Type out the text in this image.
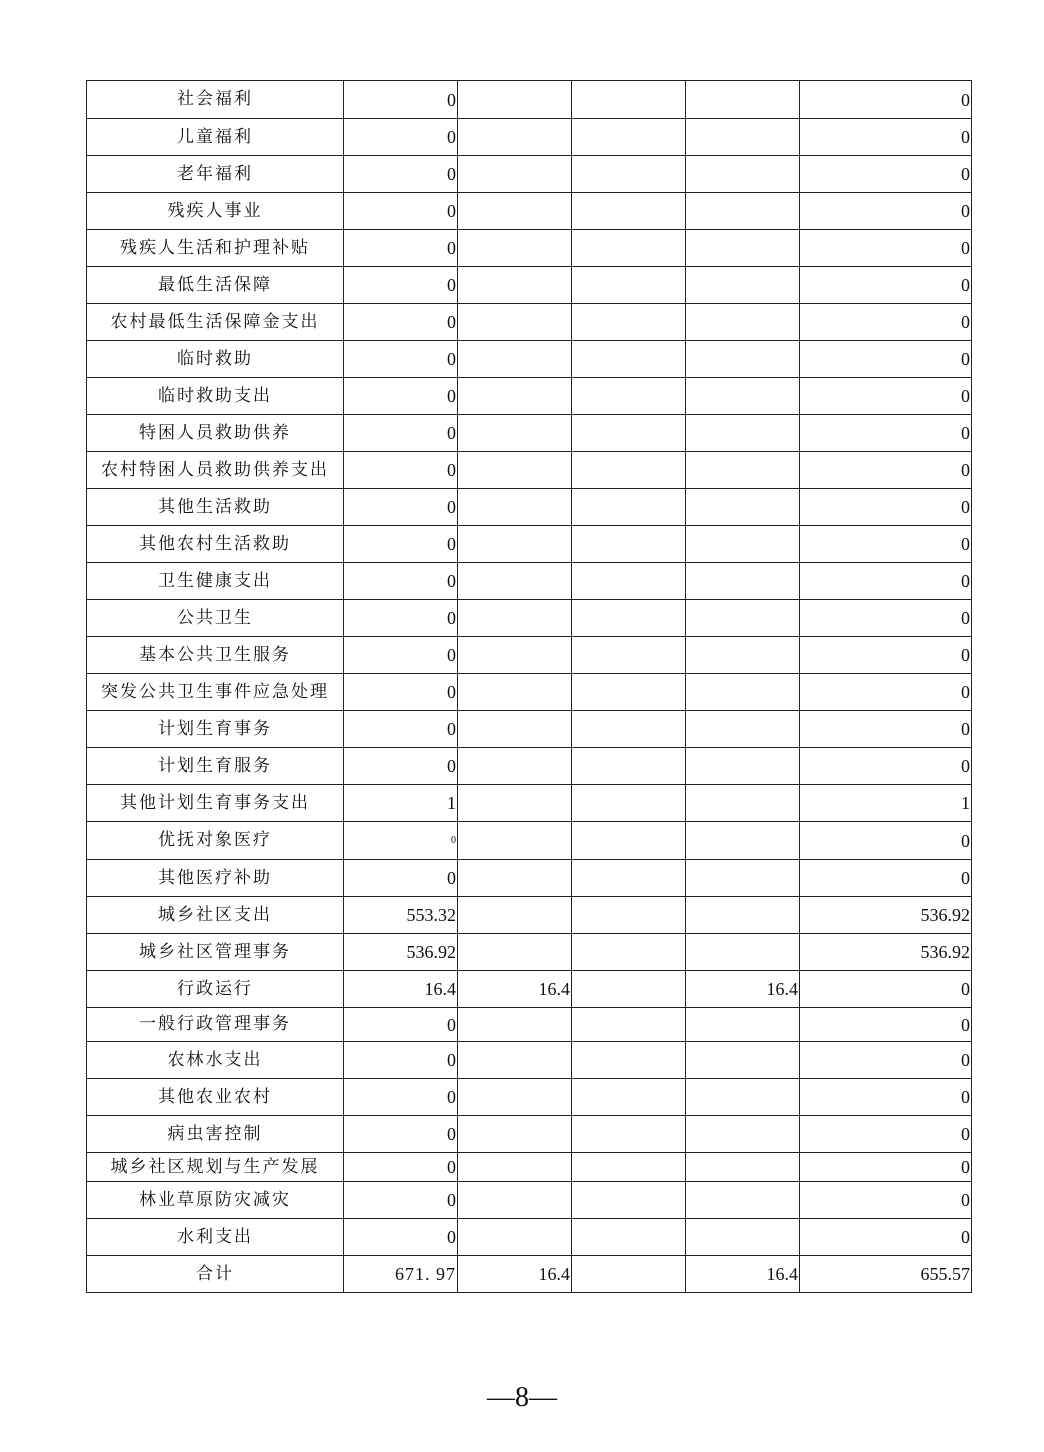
社会福利	0				0
儿童福利	0				0
老年福利	0				0
残疾人事业	0				0
残疾人生活和护理补贴	0				0
最低生活保障	0				0
农村最低生活保障金支出	0				0
临时救助	0				0
临时救助支出	0				0
特困人员救助供养	0				0
农村特困人员救助供养支出	0				0
其他生活救助	0				0
其他农村生活救助	0				0
卫生健康支出	0				0
公共卫生	0				0
基本公共卫生服务	0				0
突发公共卫生事件应急处理	0				0
计划生育事务	0				0
计划生育服务	0				0
其他计划生育事务支出	1				1
优抚对象医疗	0				0
其他医疗补助	0				0
城乡社区支出	553.32				536.92
城乡社区管理事务	536.92				536.92
行政运行	16.4	16.4		16.4	0
一般行政管理事务	0				0
农林水支出	0				0
其他农业农村	0				0
病虫害控制	0				0
城乡社区规划与生产发展	0				0
林业草原防灾减灾	0				0
水利支出	0				0
合计	671. 97	16.4		16.4	655.57
—8—
